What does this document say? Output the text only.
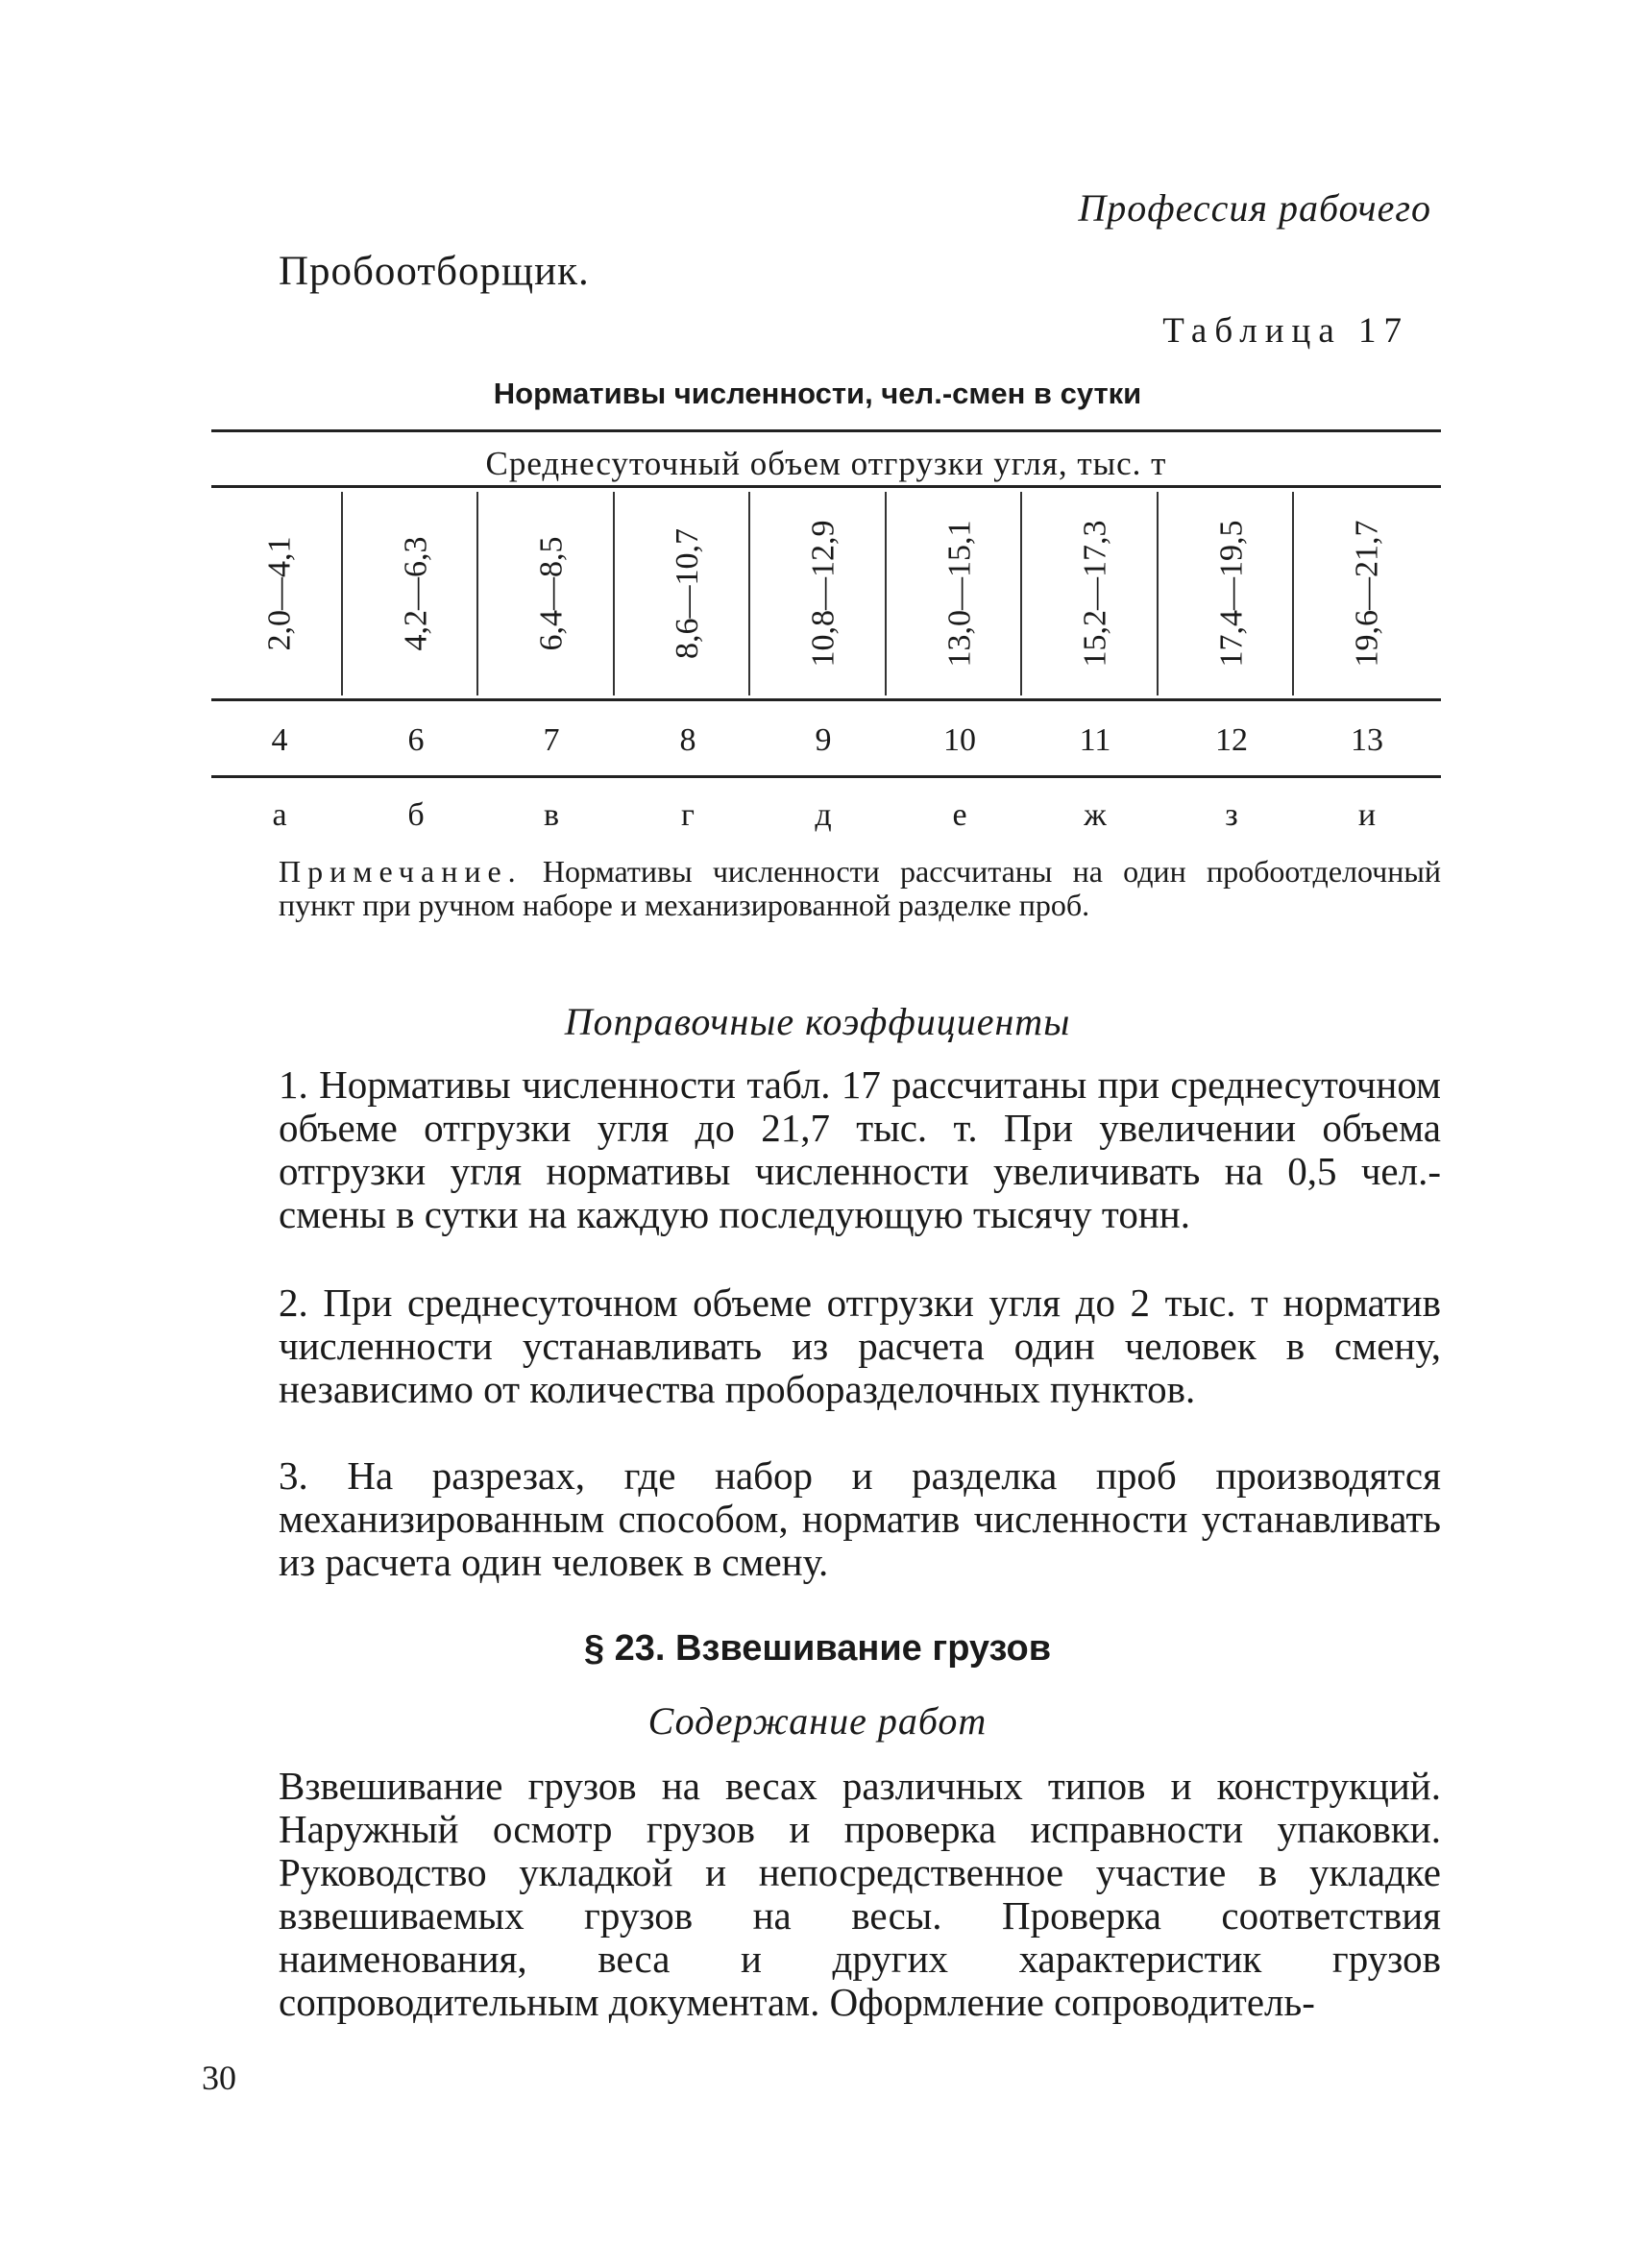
Профессия рабочего
Пробоотборщик.
Таблица 17
Нормативы численности, чел.-смен в сутки
Среднесуточный объем отгрузки угля, тыс. т
2,0—4,1	4,2—6,3	6,4—8,5	8,6—10,7	10,8—12,9	13,0—15,1	15,2—17,3	17,4—19,5	19,6—21,7
4	6	7	8	9	10	11	12	13
а	б	в	г	д	е	ж	з	и
Примечание. Нормативы численности рассчитаны на один пробоотделочный пункт при ручном наборе и механизированной разделке проб.
Поправочные коэффициенты
1. Нормативы численности табл. 17 рассчитаны при среднесуточном объеме отгрузки угля до 21,7 тыс. т. При увеличении объема отгрузки угля нормативы численности увеличивать на 0,5 чел.-смены в сутки на каждую последующую тысячу тонн.
2. При среднесуточном объеме отгрузки угля до 2 тыс. т норматив численности устанавливать из расчета один человек в смену, независимо от количества проборазделочных пунктов.
3. На разрезах, где набор и разделка проб производятся механизированным способом, норматив численности устанавливать из расчета один человек в смену.
§ 23. Взвешивание грузов
Содержание работ
Взвешивание грузов на весах различных типов и конструкций. Наружный осмотр грузов и проверка исправности упаковки. Руководство укладкой и непосредственное участие в укладке взвешиваемых грузов на весы. Проверка соответствия наименования, веса и других характеристик грузов сопроводительным документам. Оформление сопроводитель-
30
